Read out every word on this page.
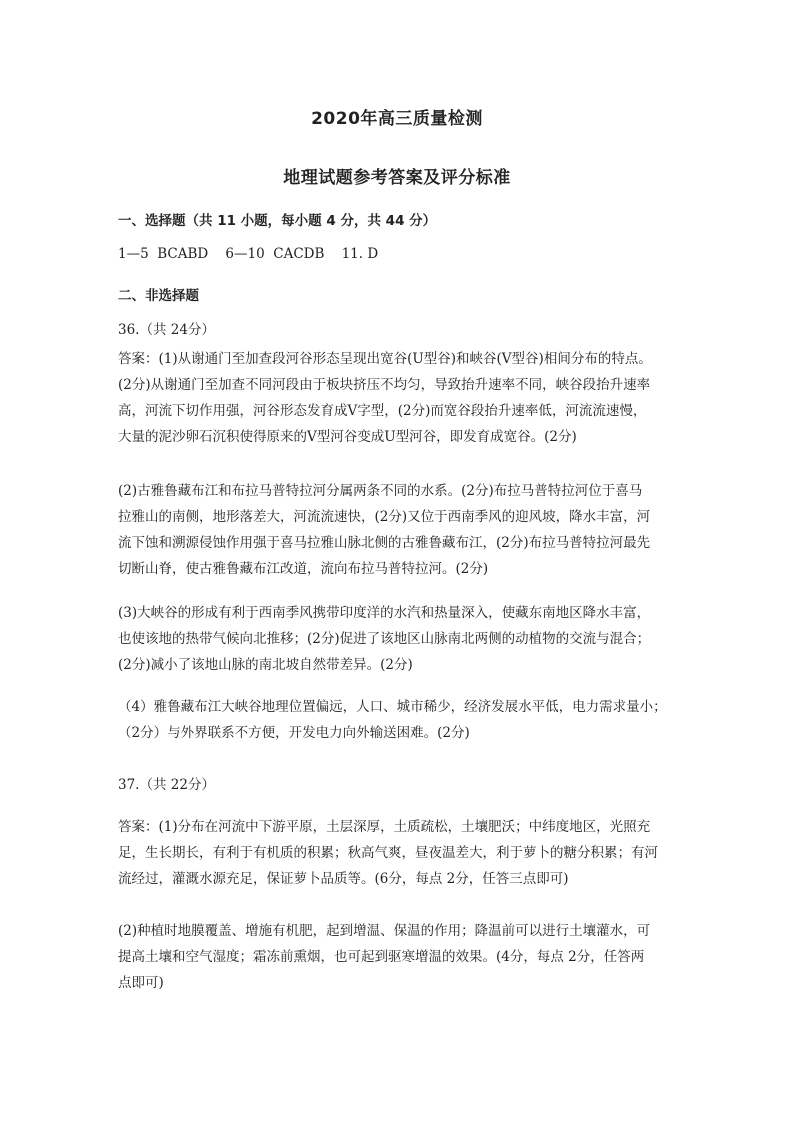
2020年高三质量检测
地理试题参考答案及评分标准
一、选择题（共 11 小题，每小题 4 分，共 44 分）
1—5  BCABD    6—10  CACDB    11. D
二、非选择题
36.（共 24分）
答案：(1)从谢通门至加查段河谷形态呈现出宽谷(U型谷)和峡谷(V型谷)相间分布的特点。
(2分)从谢通门至加查不同河段由于板块挤压不均匀，导致抬升速率不同，峡谷段抬升速率
高，河流下切作用强，河谷形态发育成V字型，(2分)而宽谷段抬升速率低，河流流速慢，
大量的泥沙卵石沉积使得原来的V型河谷变成U型河谷，即发育成宽谷。(2分)
(2)古雅鲁藏布江和布拉马普特拉河分属两条不同的水系。(2分)布拉马普特拉河位于喜马
拉雅山的南侧，地形落差大，河流流速快，(2分)又位于西南季风的迎风坡，降水丰富，河
流下蚀和溯源侵蚀作用强于喜马拉雅山脉北侧的古雅鲁藏布江，(2分)布拉马普特拉河最先
切断山脊，使古雅鲁藏布江改道，流向布拉马普特拉河。(2分)
(3)大峡谷的形成有利于西南季风携带印度洋的水汽和热量深入，使藏东南地区降水丰富，
也使该地的热带气候向北推移；(2分)促进了该地区山脉南北两侧的动植物的交流与混合；
(2分)减小了该地山脉的南北坡自然带差异。(2分)
（4）雅鲁藏布江大峡谷地理位置偏远，人口、城市稀少，经济发展水平低，电力需求量小；
（2分）与外界联系不方便，开发电力向外输送困难。(2分)
37.（共 22分）
答案：(1)分布在河流中下游平原，土层深厚，土质疏松，土壤肥沃；中纬度地区，光照充
足，生长期长，有利于有机质的积累；秋高气爽，昼夜温差大，利于萝卜的糖分积累；有河
流经过，灌溉水源充足，保证萝卜品质等。(6分，每点 2分，任答三点即可)
(2)种植时地膜覆盖、增施有机肥，起到增温、保温的作用；降温前可以进行土壤灌水，可
提高土壤和空气湿度；霜冻前熏烟，也可起到驱寒增温的效果。(4分，每点 2分，任答两
点即可)
